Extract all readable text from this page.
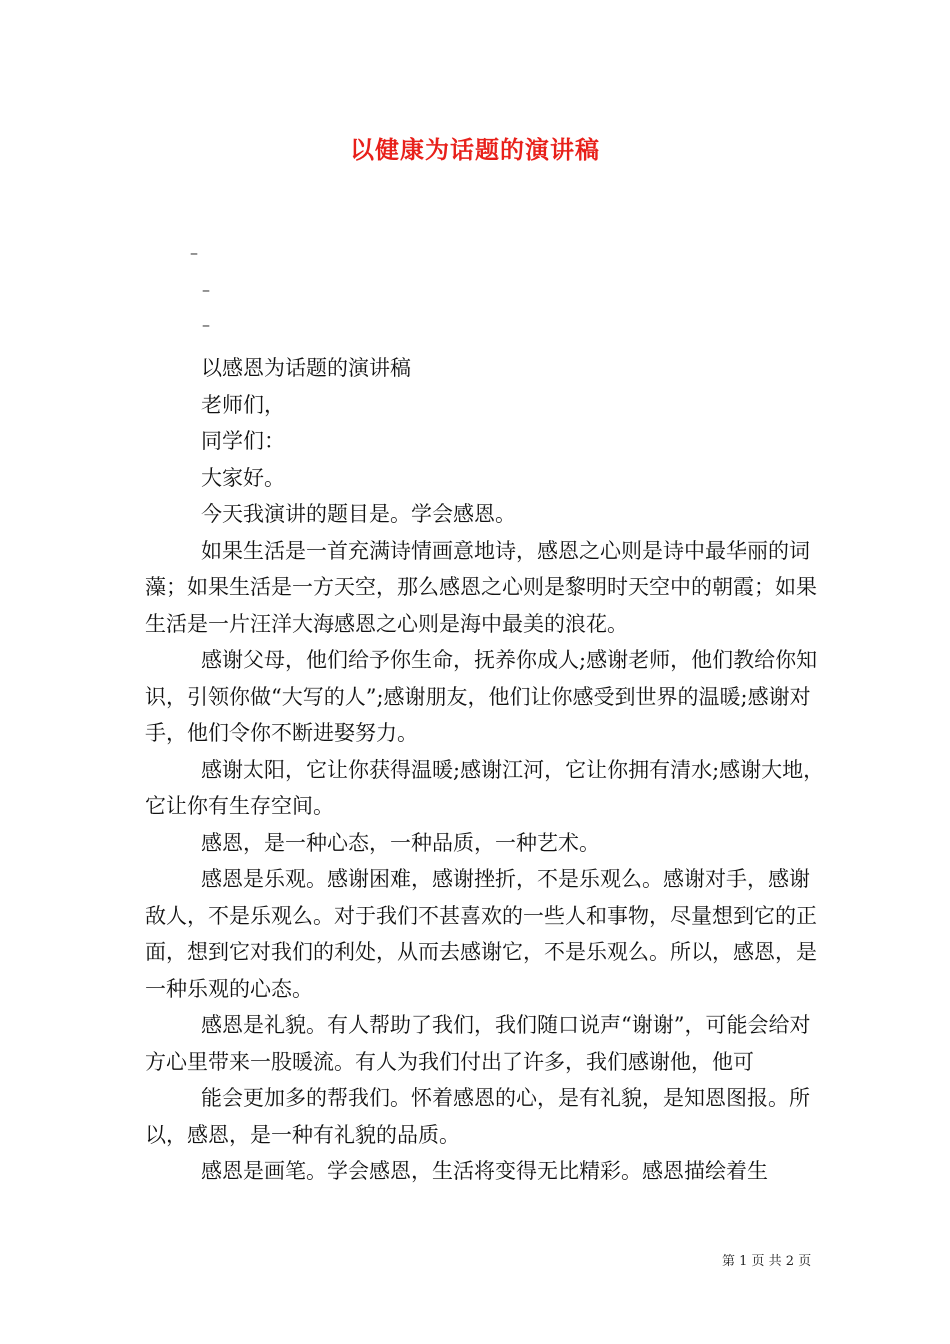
以健康为话题的演讲稿
–
–
–

以感恩为话题的演讲稿

老师们，

同学们：

大家好。

今天我演讲的题目是。学会感恩。

如果生活是一首充满诗情画意地诗，感恩之心则是诗中最华丽的词藻；如果生活是一方天空，那么感恩之心则是黎明时天空中的朝霞；如果生活是一片汪洋大海感恩之心则是海中最美的浪花。

感谢父母，他们给予你生命，抚养你成人;感谢老师，他们教给你知识，引领你做“大写的人”;感谢朋友，他们让你感受到世界的温暖;感谢对手，他们令你不断进娶努力。

感谢太阳，它让你获得温暖;感谢江河，它让你拥有清水;感谢大地，它让你有生存空间。

感恩，是一种心态，一种品质，一种艺术。

感恩是乐观。感谢困难，感谢挫折，不是乐观么。感谢对手，感谢敌人，不是乐观么。对于我们不甚喜欢的一些人和事物，尽量想到它的正面，想到它对我们的利处，从而去感谢它，不是乐观么。所以，感恩，是一种乐观的心态。

感恩是礼貌。有人帮助了我们，我们随口说声“谢谢”，可能会给对方心里带来一股暖流。有人为我们付出了许多，我们感谢他，他可

能会更加多的帮我们。怀着感恩的心，是有礼貌，是知恩图报。所以，感恩，是一种有礼貌的品质。

感恩是画笔。学会感恩，生活将变得无比精彩。感恩描绘着生

第 1 页 共 2 页
